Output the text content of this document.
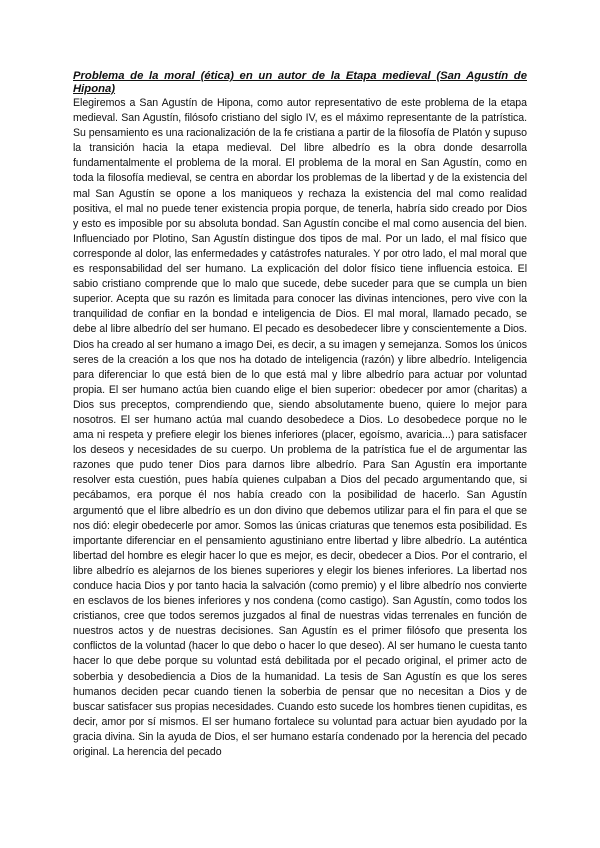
Problema de la moral (ética) en un autor de la Etapa medieval (San Agustín de Hipona)

Elegiremos a San Agustín de Hipona, como autor representativo de este problema de la etapa medieval. San Agustín, filósofo cristiano del siglo IV, es el máximo representante de la patrística. Su pensamiento es una racionalización de la fe cristiana a partir de la filosofía de Platón y supuso la transición hacia la etapa medieval. Del libre albedrío es la obra donde desarrolla fundamentalmente el problema de la moral. El problema de la moral en San Agustín, como en toda la filosofía medieval, se centra en abordar los problemas de la libertad y de la existencia del mal San Agustín se opone a los maniqueos y rechaza la existencia del mal como realidad positiva, el mal no puede tener existencia propia porque, de tenerla, habría sido creado por Dios y esto es imposible por su absoluta bondad. San Agustín concibe el mal como ausencia del bien. Influenciado por Plotino, San Agustín distingue dos tipos de mal. Por un lado, el mal físico que corresponde al dolor, las enfermedades y catástrofes naturales. Y por otro lado, el mal moral que es responsabilidad del ser humano. La explicación del dolor físico tiene influencia estoica. El sabio cristiano comprende que lo malo que sucede, debe suceder para que se cumpla un bien superior. Acepta que su razón es limitada para conocer las divinas intenciones, pero vive con la tranquilidad de confiar en la bondad e inteligencia de Dios. El mal moral, llamado pecado, se debe al libre albedrío del ser humano. El pecado es desobedecer libre y conscientemente a Dios. Dios ha creado al ser humano a imago Dei, es decir, a su imagen y semejanza. Somos los únicos seres de la creación a los que nos ha dotado de inteligencia (razón) y libre albedrío. Inteligencia para diferenciar lo que está bien de lo que está mal y libre albedrío para actuar por voluntad propia. El ser humano actúa bien cuando elige el bien superior: obedecer por amor (charitas) a Dios sus preceptos, comprendiendo que, siendo absolutamente bueno, quiere lo mejor para nosotros. El ser humano actúa mal cuando desobedece a Dios. Lo desobedece porque no le ama ni respeta y prefiere elegir los bienes inferiores (placer, egoísmo, avaricia...) para satisfacer los deseos y necesidades de su cuerpo. Un problema de la patrística fue el de argumentar las razones que pudo tener Dios para darnos libre albedrío. Para San Agustín era importante resolver esta cuestión, pues había quienes culpaban a Dios del pecado argumentando que, si pecábamos, era porque él nos había creado con la posibilidad de hacerlo. San Agustín argumentó que el libre albedrío es un don divino que debemos utilizar para el fin para el que se nos dió: elegir obedecerle por amor. Somos las únicas criaturas que tenemos esta posibilidad. Es importante diferenciar en el pensamiento agustiniano entre libertad y libre albedrío. La auténtica libertad del hombre es elegir hacer lo que es mejor, es decir, obedecer a Dios. Por el contrario, el libre albedrío es alejarnos de los bienes superiores y elegir los bienes inferiores. La libertad nos conduce hacia Dios y por tanto hacia la salvación (como premio) y el libre albedrío nos convierte en esclavos de los bienes inferiores y nos condena (como castigo). San Agustín, como todos los cristianos, cree que todos seremos juzgados al final de nuestras vidas terrenales en función de nuestros actos y de nuestras decisiones. San Agustín es el primer filósofo que presenta los conflictos de la voluntad (hacer lo que debo o hacer lo que deseo). Al ser humano le cuesta tanto hacer lo que debe porque su voluntad está debilitada por el pecado original, el primer acto de soberbia y desobediencia a Dios de la humanidad. La tesis de San Agustín es que los seres humanos deciden pecar cuando tienen la soberbia de pensar que no necesitan a Dios y de buscar satisfacer sus propias necesidades. Cuando esto sucede los hombres tienen cupiditas, es decir, amor por sí mismos. El ser humano fortalece su voluntad para actuar bien ayudado por la gracia divina. Sin la ayuda de Dios, el ser humano estaría condenado por la herencia del pecado original. La herencia del pecado
